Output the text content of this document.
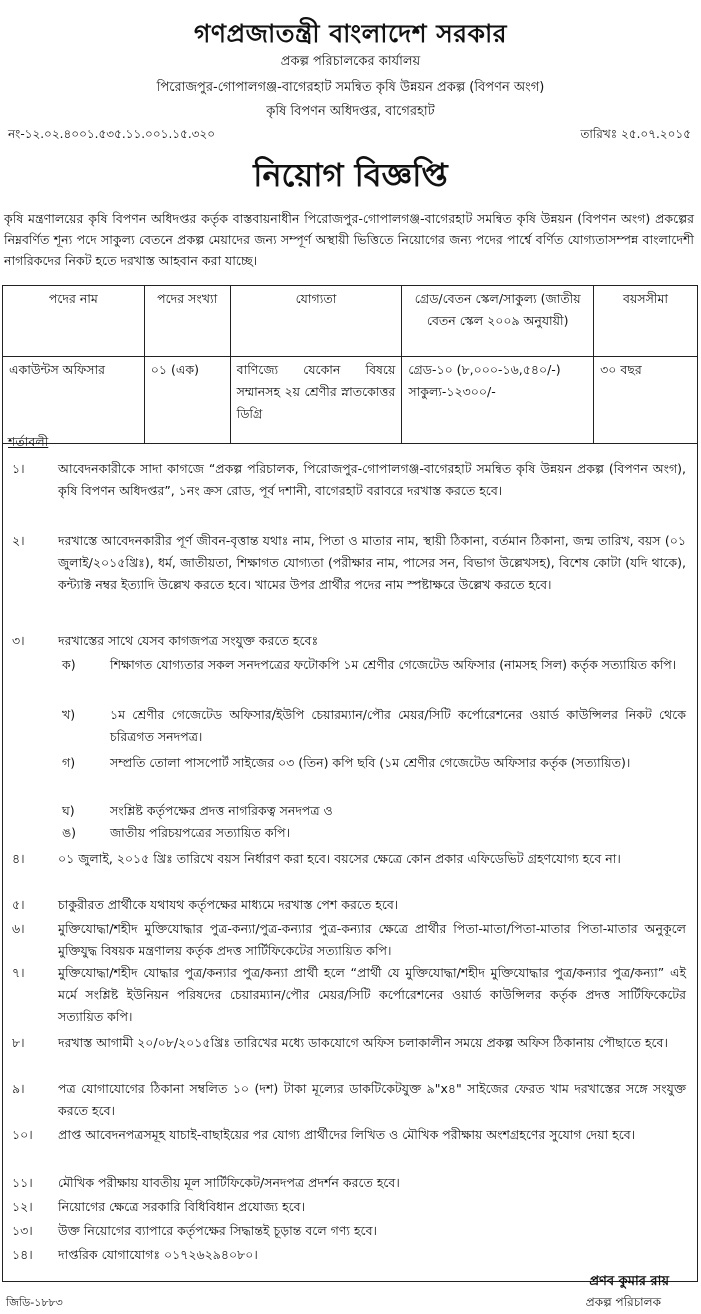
গণপ্রজাতন্ত্রী বাংলাদেশ সরকার
প্রকল্প পরিচালকের কার্যালয়
পিরোজপুর-গোপালগঞ্জ-বাগেরহাট সমন্বিত কৃষি উন্নয়ন প্রকল্প (বিপণন অংগ)
কৃষি বিপণন অধিদপ্তর, বাগেরহাট
নং-১২.০২.৪০০১.৫৩৫.১১.০০১.১৫.৩২০	তারিখঃ ২৫.০৭.২০১৫
নিয়োগ বিজ্ঞপ্তি
কৃষি মন্ত্রণালয়ের কৃষি বিপণন অধিদপ্তর কর্তৃক বাস্তবায়নাধীন পিরোজপুর-গোপালগঞ্জ-বাগেরহাট সমন্বিত কৃষি উন্নয়ন (বিপণন অংগ) প্রকল্পের নিম্নবর্ণিত শূন্য পদে সাকুল্য বেতনে প্রকল্প মেয়াদের জন্য সম্পূর্ণ অস্থায়ী ভিত্তিতে নিয়োগের জন্য পদের পার্শ্বে বর্ণিত যোগ্যতাসম্পন্ন বাংলাদেশী নাগরিকদের নিকট হতে দরখাস্ত আহবান করা যাচ্ছে।
পদের নাম	পদের সংখ্যা	যোগ্যতা	গ্রেড/বেতন স্কেল/সাকুল্য (জাতীয় বেতন স্কেল ২০০৯ অনুযায়ী)	বয়সসীমা
একাউন্টস অফিসার	০১ (এক)	বাণিজ্যে যেকোন বিষয়ে সম্মানসহ ২য় শ্রেণীর স্নাতকোত্তর ডিগ্রি	গ্রেড-১০ (৮,০০০-১৬,৫৪০/-) সাকুল্য-১২৩০০/-	৩০ বছর
শর্তাবলী
১।	আবেদনকারীকে সাদা কাগজে “প্রকল্প পরিচালক, পিরোজপুর-গোপালগঞ্জ-বাগেরহাট সমন্বিত কৃষি উন্নয়ন প্রকল্প (বিপণন অংগ), কৃষি বিপণন অধিদপ্তর”, ১নং ক্রস রোড, পূর্ব দশানী, বাগেরহাট বরাবরে দরখাস্ত করতে হবে।
২।	দরখাস্তে আবেদনকারীর পূর্ণ জীবন-বৃত্তান্ত যথাঃ নাম, পিতা ও মাতার নাম, স্থায়ী ঠিকানা, বর্তমান ঠিকানা, জন্ম তারিখ, বয়স (০১ জুলাই/২০১৫খ্রিঃ), ধর্ম, জাতীয়তা, শিক্ষাগত যোগ্যতা (পরীক্ষার নাম, পাসের সন, বিভাগ উল্লেখসহ), বিশেষ কোটা (যদি থাকে), কন্ট্যাক্ট নম্বর ইত্যাদি উল্লেখ করতে হবে। খামের উপর প্রার্থীর পদের নাম স্পষ্টাক্ষরে উল্লেখ করতে হবে।
৩।	দরখাস্তের সাথে যেসব কাগজপত্র সংযুক্ত করতে হবেঃ
ক)	শিক্ষাগত যোগ্যতার সকল সনদপত্রের ফটোকপি ১ম শ্রেণীর গেজেটেড অফিসার (নামসহ সিল) কর্তৃক সত্যায়িত কপি।
খ)	১ম শ্রেণীর গেজেটেড অফিসার/ইউপি চেয়ারম্যান/পৌর মেয়র/সিটি কর্পোরেশনের ওয়ার্ড কাউন্সিলর নিকট থেকে চরিত্রগত সনদপত্র।
গ)	সম্প্রতি তোলা পাসপোর্ট সাইজের ০৩ (তিন) কপি ছবি (১ম শ্রেণীর গেজেটেড অফিসার কর্তৃক (সত্যায়িত)।
ঘ)	সংশ্লিষ্ট কর্তৃপক্ষের প্রদত্ত নাগরিকত্ব সনদপত্র ও
ঙ)	জাতীয় পরিচয়পত্রের সত্যায়িত কপি।
৪।	০১ জুলাই, ২০১৫ খ্রিঃ তারিখে বয়স নির্ধারণ করা হবে। বয়সের ক্ষেত্রে কোন প্রকার এফিডেভিট গ্রহণযোগ্য হবে না।
৫।	চাকুরীরত প্রার্থীকে যথাযথ কর্তৃপক্ষের মাধ্যমে দরখাস্ত পেশ করতে হবে।
৬।	মুক্তিযোদ্ধা/শহীদ মুক্তিযোদ্ধার পুত্র-কন্যা/পুত্র-কন্যার পুত্র-কন্যার ক্ষেত্রে প্রার্থীর পিতা-মাতা/পিতা-মাতার পিতা-মাতার অনুকূলে মুক্তিযুদ্ধ বিষয়ক মন্ত্রণালয় কর্তৃক প্রদত্ত সার্টিফিকেটের সত্যায়িত কপি।
৭।	মুক্তিযোদ্ধা/শহীদ যোদ্ধার পুত্র/কন্যার পুত্র/কন্যা প্রার্থী হলে “প্রার্থী যে মুক্তিযোদ্ধা/শহীদ মুক্তিযোদ্ধার পুত্র/কন্যার পুত্র/কন্যা” এই মর্মে সংশ্লিষ্ট ইউনিয়ন পরিষদের চেয়ারম্যান/পৌর মেয়র/সিটি কর্পোরেশনের ওয়ার্ড কাউন্সিলর কর্তৃক প্রদত্ত সার্টিফিকেটের সত্যায়িত কপি।
৮।	দরখাস্ত আগামী ২০/০৮/২০১৫খ্রিঃ তারিখের মধ্যে ডাকযোগে অফিস চলাকালীন সময়ে প্রকল্প অফিস ঠিকানায় পৌছাতে হবে।
৯।	পত্র যোগাযোগের ঠিকানা সম্বলিত ১০ (দশ) টাকা মূল্যের ডাকটিকেটযুক্ত ৯"x৪" সাইজের ফেরত খাম দরখাস্তের সঙ্গে সংযুক্ত করতে হবে।
১০। প্রাপ্ত আবেদনপত্রসমূহ যাচাই-বাছাইয়ের পর যোগ্য প্রার্থীদের লিখিত ও মৌখিক পরীক্ষায় অংশগ্রহণের সুযোগ দেয়া হবে।
১১। মৌখিক পরীক্ষায় যাবতীয় মূল সার্টিফিকেট/সনদপত্র প্রদর্শন করতে হবে।
১২। নিয়োগের ক্ষেত্রে সরকারি বিধিবিধান প্রযোজ্য হবে।
১৩। উক্ত নিয়োগের ব্যাপারে কর্তৃপক্ষের সিদ্ধান্তই চূড়ান্ত বলে গণ্য হবে।
১৪। দাপ্তরিক যোগাযোগঃ ০১৭২৬২৯৪০৮০।
প্রণব কুমার রায়
প্রকল্প পরিচালক
জিডি-১৮৮৩
